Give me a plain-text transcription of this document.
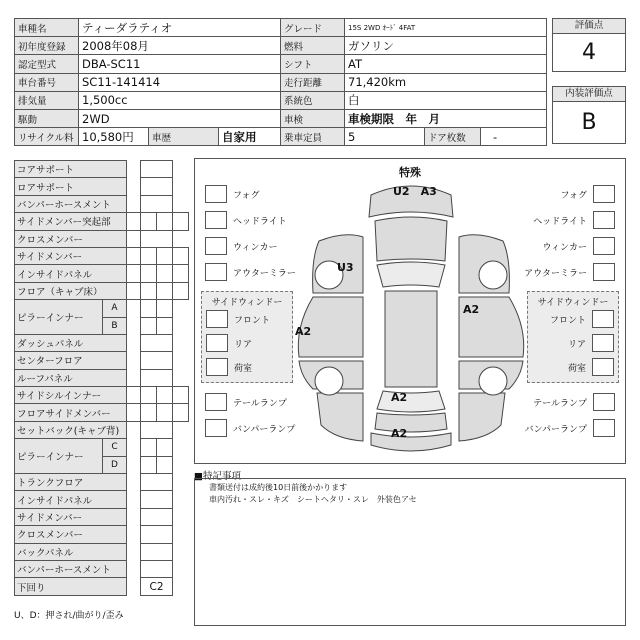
車種名	ティーダラティオ			グレード	15S 2WD ｵｰﾄﾞ 4FAT		
初年度登録	2008年08月			燃料	ガソリン		
認定型式	DBA-SC11			シフト	AT		
車台番号	SC11-141414			走行距離	71,420km		
排気量	1,500cc			系統色	白		
駆動	2WD			車検	車検期限　年　月		
リサイクル料	10,580円	車歴	自家用	乗車定員	5	ドア枚数	-
評価点
4
内装評価点
B
コアサポート					
ロアサポート					
バンパーホースメント					
サイドメンバー突起部					
クロスメンバー					
サイドメンバー					
インサイドパネル					
フロア（キャブ床）					
ピラーインナー	A				
	B				
ダッシュパネル					
センターフロア					
ルーフパネル					
サイドシルインナー					
フロアサイドメンバー					
セットバック(キャブ背)					
ピラーインナー	C				
	D				
トランクフロア					
インサイドパネル					
サイドメンバー					
クロスメンバー					
バックパネル					
バンパーホースメント					
下回り			C2		
U、D：押され/曲がり/歪み
特殊
フォグ
ヘッドライト
ウィンカー
アウターミラー
サイドウィンドー
フロント
リア
荷室
テールランプ
バンパーランプ
フォグ
ヘッドライト
ウィンカー
アウターミラー
サイドウィンドー
フロント
リア
荷室
テールランプ
バンパーランプ
U2　A3
U3
A2
A2
A2
A2
■特記事項
書類送付は成約後10日前後かかります
車内汚れ・スレ・キズ　シートヘタリ・スレ　外装色アセ
